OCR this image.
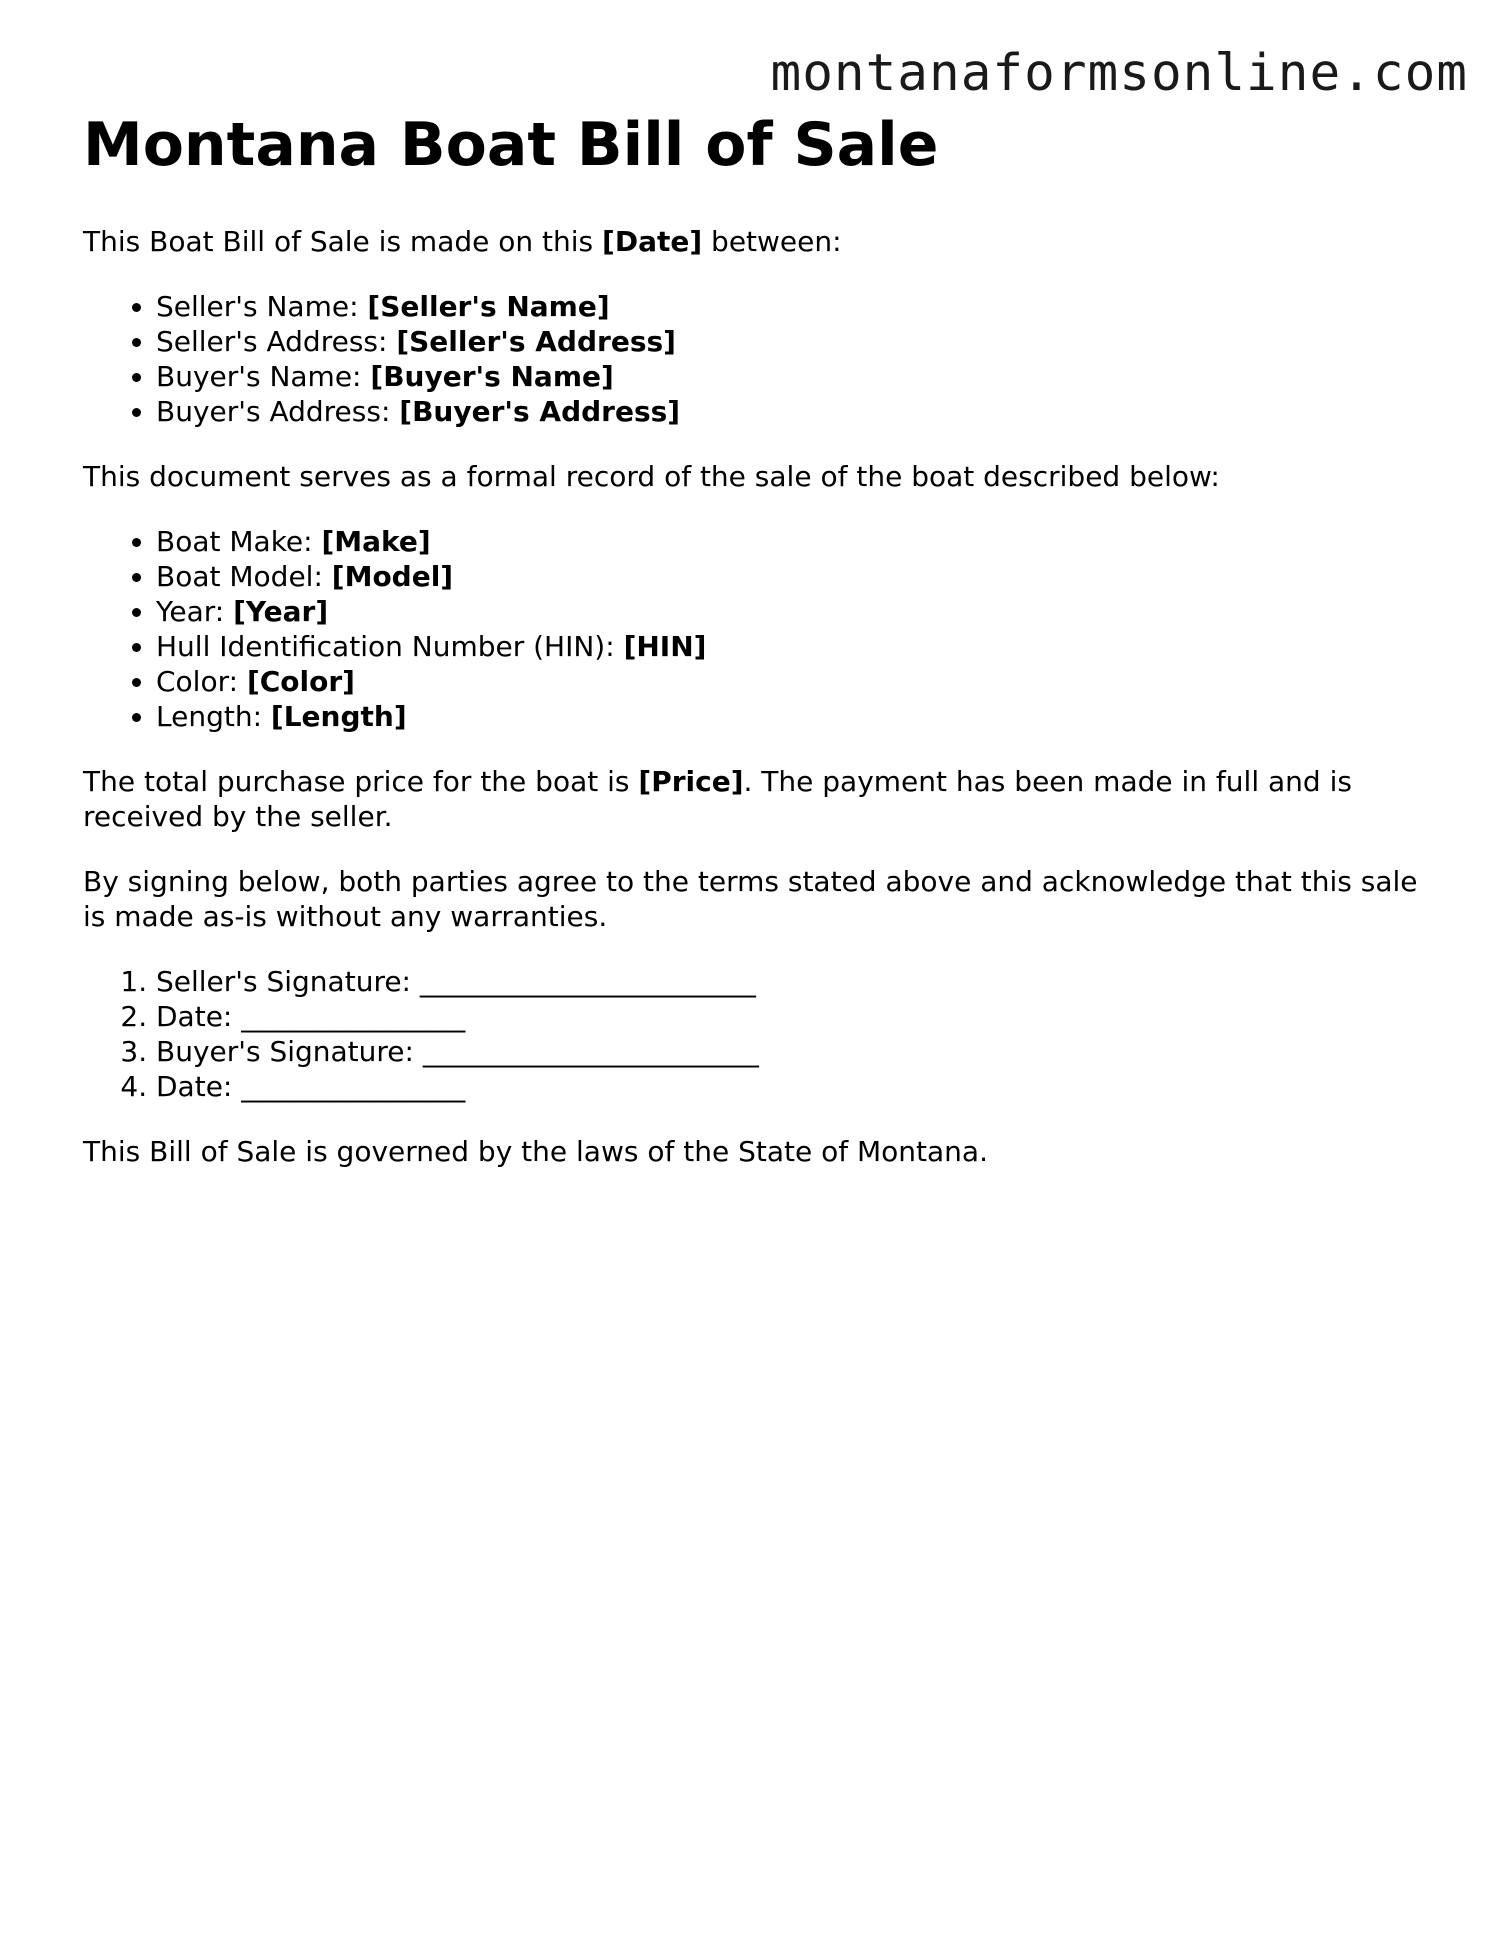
montanaformsonline.com
Montana Boat Bill of Sale

This Boat Bill of Sale is made on this [Date] between:

• Seller's Name: [Seller's Name]
• Seller's Address: [Seller's Address]
• Buyer's Name: [Buyer's Name]
• Buyer's Address: [Buyer's Address]

This document serves as a formal record of the sale of the boat described below:

• Boat Make: [Make]
• Boat Model: [Model]
• Year: [Year]
• Hull Identification Number (HIN): [HIN]
• Color: [Color]
• Length: [Length]

The total purchase price for the boat is [Price]. The payment has been made in full and is received by the seller.

By signing below, both parties agree to the terms stated above and acknowledge that this sale is made as-is without any warranties.

1. Seller's Signature: ________________________
2. Date: ________________
3. Buyer's Signature: ________________________
4. Date: ________________

This Bill of Sale is governed by the laws of the State of Montana.
